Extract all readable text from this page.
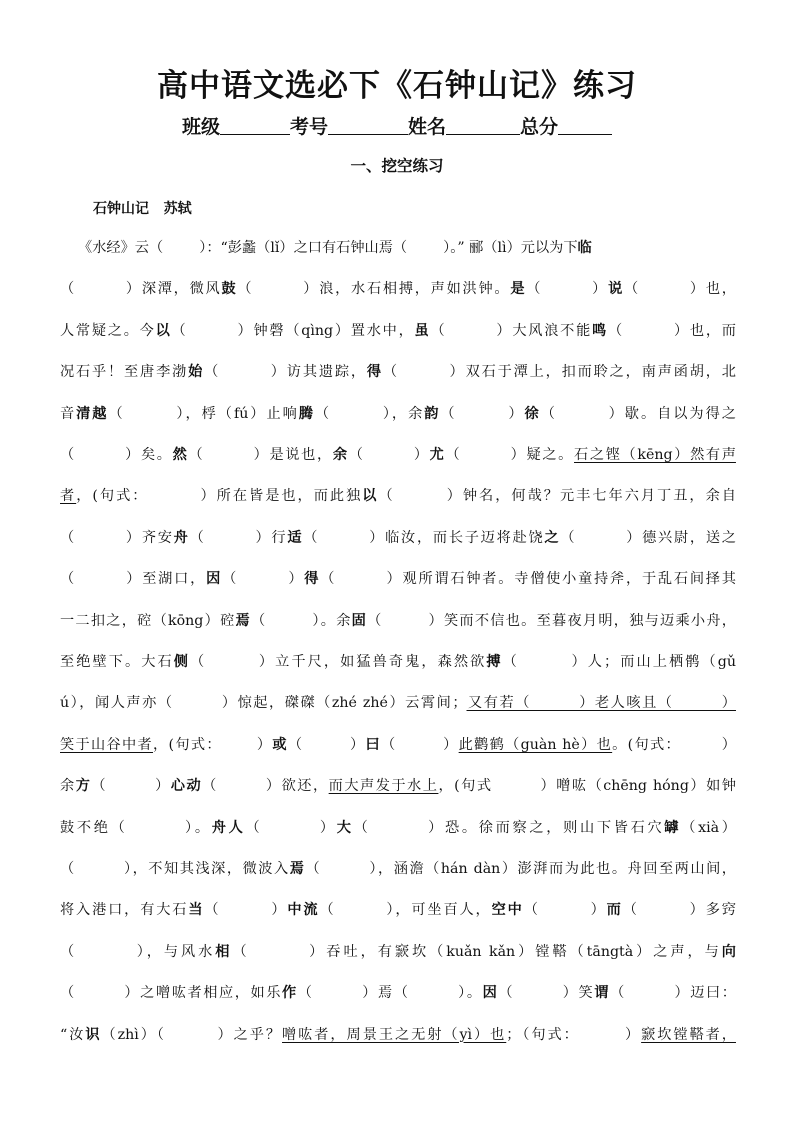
高中语文选必下《石钟山记》练习
班级	考号	姓名	总分
一、挖空练习
石钟山记   苏轼
《水经》云（        ）：“彭蠡（lǐ）之口有石钟山焉（        ）。” 郦（lì）元以为下临
（        ）深潭，微风鼓（        ）浪，水石相搏，声如洪钟。是（        ）说（        ）也，
人常疑之。今以（        ）钟磬（qìng）置水中，虽（        ）大风浪不能鸣（        ）也，而
况石乎！至唐李渤始（        ）访其遗踪，得（        ）双石于潭上，扣而聆之，南声函胡，北
音清越（        ），桴（fú）止响腾（        ），余韵（        ）徐（        ）歇。自以为得之
（        ）矣。然（        ）是说也，余（        ）尤（        ）疑之。石之铿（kēng）然有声
者，(句式：        ）所在皆是也，而此独以（        ）钟名，何哉？元丰七年六月丁丑，余自
（        ）齐安舟（        ）行适（        ）临汝，而长子迈将赴饶之（        ）德兴尉，送之
（        ）至湖口，因（        ）得（        ）观所谓石钟者。寺僧使小童持斧，于乱石间择其
一二扣之，硿（kōng）硿焉（        ）。余固（        ）笑而不信也。至暮夜月明，独与迈乘小舟，
至绝壁下。大石侧（        ）立千尺，如猛兽奇鬼，森然欲搏（        ）人；而山上栖鹘（gǔ
ú），闻人声亦（        ）惊起，磔磔（zhé zhé）云霄间；又有若（        ）老人咳且（        ）
笑于山谷中者，(句式：      ）或（        ）曰（        ）此鹳鹤（guàn hè）也。(句式：       ）
余方（        ）心动（        ）欲还，而大声发于水上，(句式        ）噌吰（chēng hóng）如钟
鼓不绝（        ）。舟人（        ）大（        ）恐。徐而察之，则山下皆石穴罅（xià）
（        ），不知其浅深，微波入焉（        ），涵澹（hán dàn）澎湃而为此也。舟回至两山间，
将入港口，有大石当（        ）中流（        ），可坐百人，空中（        ）而（        ）多窍
（        ），与风水相（        ）吞吐，有窾坎（kuǎn kǎn）镗鞳（tāngtà）之声，与向
（        ）之噌吰者相应，如乐作（        ）焉（        ）。因（        ）笑谓（        ）迈曰：
“汝识（zhì）（        ）之乎？噌吰者，周景王之无射（yì）也；（句式：       ）窾坎镗鞳者，
